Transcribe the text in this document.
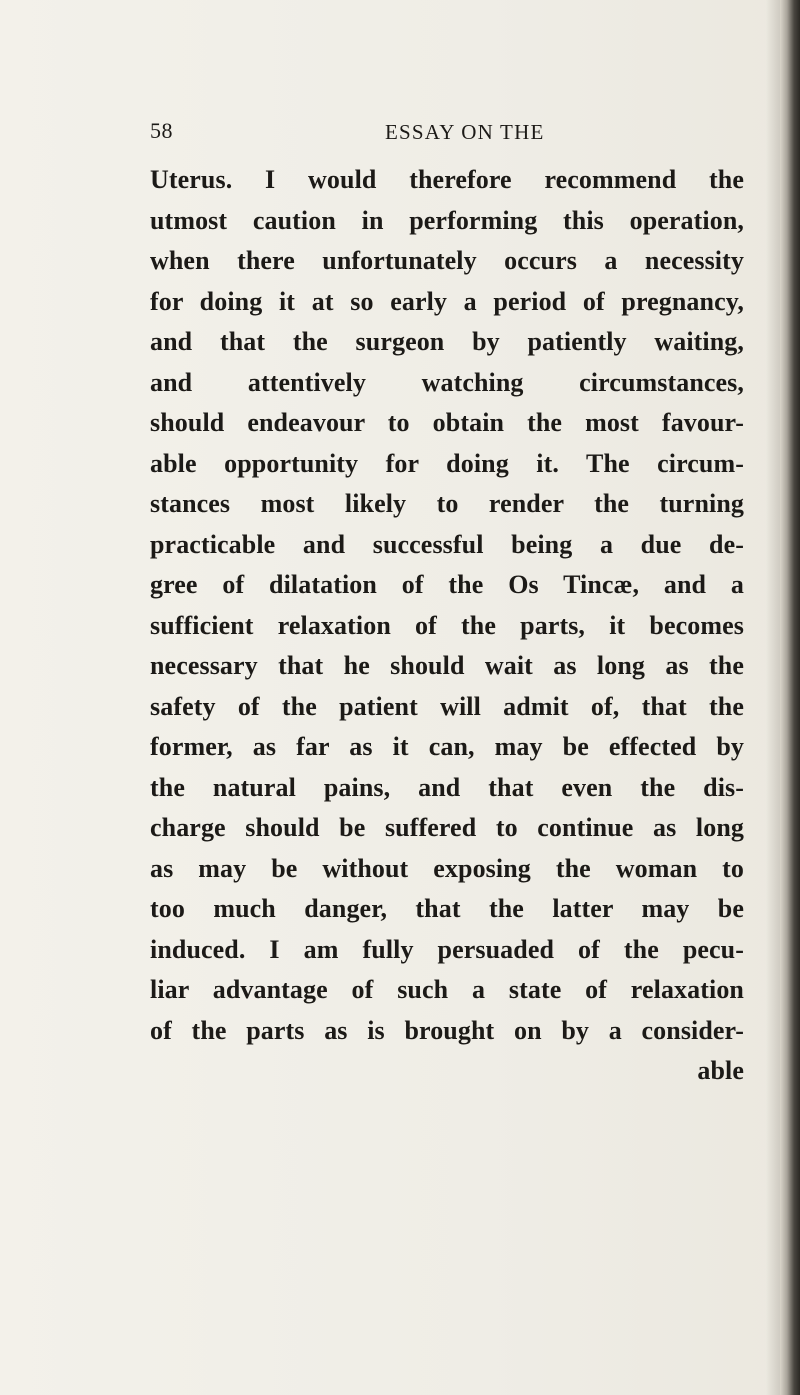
58	ESSAY ON THE
Uterus. I would therefore recommend the
utmost caution in performing this operation,
when there unfortunately occurs a necessity
for doing it at so early a period of pregnancy,
and that the surgeon by patiently waiting,
and attentively watching circumstances,
should endeavour to obtain the most favour-
able opportunity for doing it. The circum-
stances most likely to render the turning
practicable and successful being a due de-
gree of dilatation of the Os Tincæ, and a
sufficient relaxation of the parts, it becomes
necessary that he should wait as long as the
safety of the patient will admit of, that the
former, as far as it can, may be effected by
the natural pains, and that even the dis-
charge should be suffered to continue as long
as may be without exposing the woman to
too much danger, that the latter may be
induced. I am fully persuaded of the pecu-
liar advantage of such a state of relaxation
of the parts as is brought on by a consider-
able
